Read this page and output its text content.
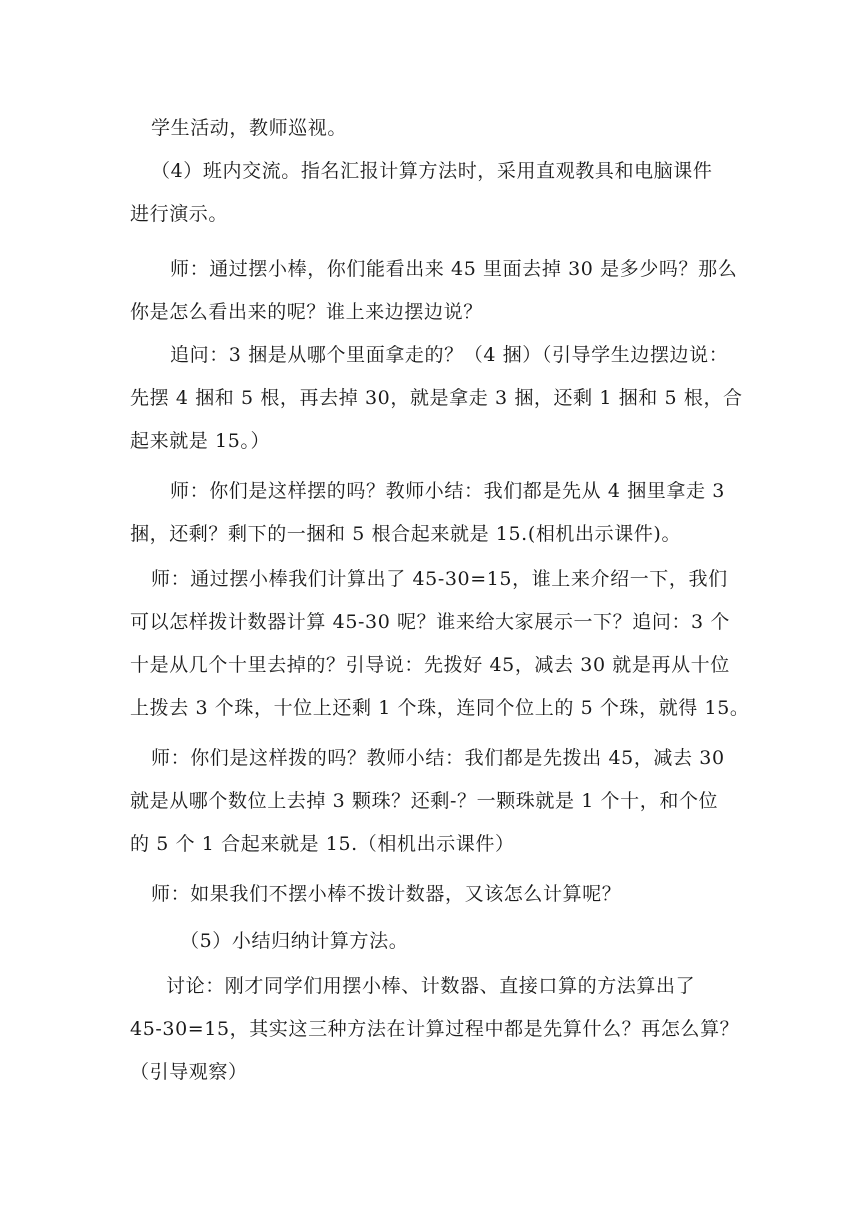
学生活动，教师巡视。
（4）班内交流。指名汇报计算方法时，采用直观教具和电脑课件
进行演示。
师：通过摆小棒，你们能看出来 45 里面去掉 30 是多少吗？那么
你是怎么看出来的呢？谁上来边摆边说？
追问：3 捆是从哪个里面拿走的？（4 捆）（引导学生边摆边说：
先摆 4 捆和 5 根，再去掉 30，就是拿走 3 捆，还剩 1 捆和 5 根，合
起来就是 15。）
师：你们是这样摆的吗？教师小结：我们都是先从 4 捆里拿走 3
捆，还剩？剩下的一捆和 5 根合起来就是 15.(相机出示课件)。
师：通过摆小棒我们计算出了 45-30=15，谁上来介绍一下，我们
可以怎样拨计数器计算 45-30 呢？谁来给大家展示一下？追问：3 个
十是从几个十里去掉的？引导说：先拨好 45，减去 30 就是再从十位
上拨去 3 个珠，十位上还剩 1 个珠，连同个位上的 5 个珠，就得 15。
师：你们是这样拨的吗？教师小结：我们都是先拨出 45，减去 30
就是从哪个数位上去掉 3 颗珠？还剩-？一颗珠就是 1 个十，和个位
的 5 个 1 合起来就是 15.（相机出示课件）
师：如果我们不摆小棒不拨计数器，又该怎么计算呢？
（5）小结归纳计算方法。
讨论：刚才同学们用摆小棒、计数器、直接口算的方法算出了
45-30=15，其实这三种方法在计算过程中都是先算什么？再怎么算？
（引导观察）
